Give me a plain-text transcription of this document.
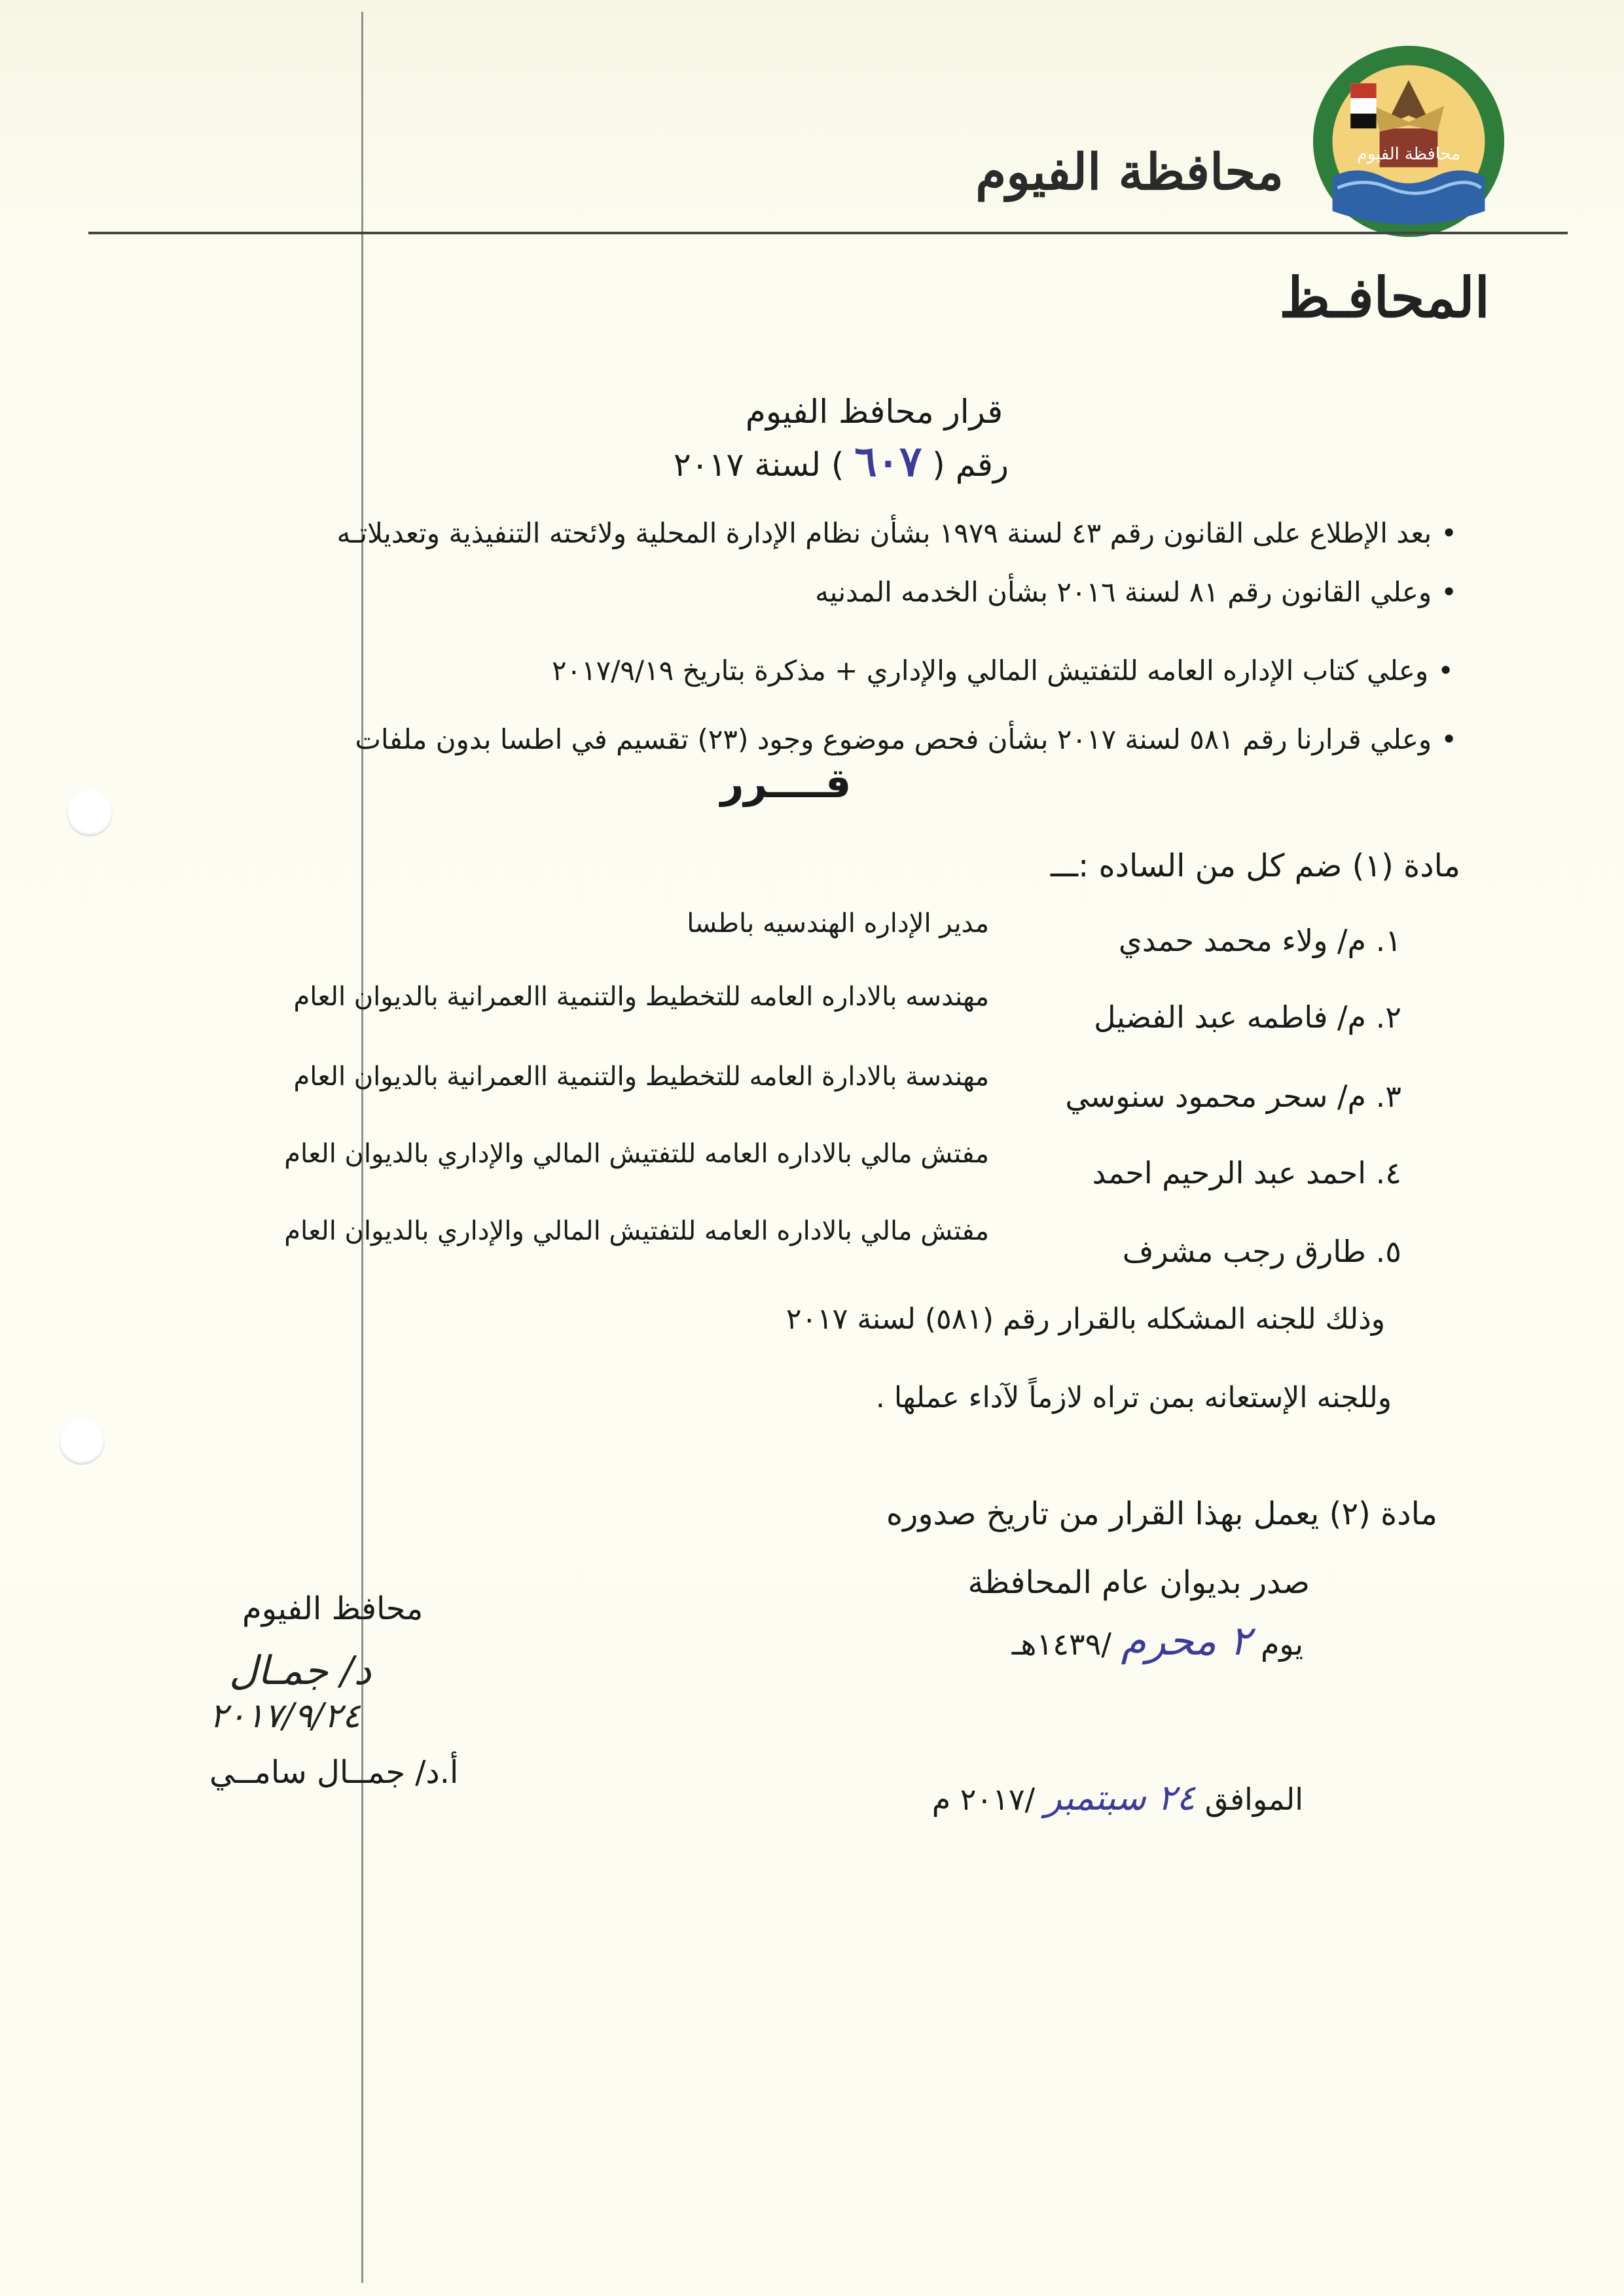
محافظة الفيوم
محافظة الفيوم
المحافـظ
قرار محافظ الفيوم
رقم ( ٦٠٧ ) لسنة ٢٠١٧
•بعد الإطلاع على القانون رقم ٤٣ لسنة ١٩٧٩ بشأن نظام الإدارة المحلية ولائحته التنفيذية وتعديلاتـه
•وعلي القانون رقم ٨١ لسنة ٢٠١٦ بشأن الخدمه المدنيه
•وعلي كتاب الإداره العامه للتفتيش المالي والإداري + مذكرة بتاريخ ٢٠١٧/٩/١٩
•وعلي قرارنا رقم ٥٨١ لسنة ٢٠١٧ بشأن فحص موضوع وجود (٢٣) تقسيم في اطسا بدون ملفات
قــــرر
مادة (١) ضم كل من الساده :ـــ
١. م/ ولاء محمد حمدي
مدير الإداره الهندسيه باطسا
٢. م/ فاطمه عبد الفضيل
مهندسه بالاداره العامه للتخطيط والتنمية االعمرانية بالديوان العام
٣. م/ سحر محمود سنوسي
مهندسة بالادارة العامه للتخطيط والتنمية االعمرانية بالديوان العام
٤. احمد عبد الرحيم احمد
مفتش مالي بالاداره العامه للتفتيش المالي والإداري بالديوان العام
٥. طارق رجب مشرف
مفتش مالي بالاداره العامه للتفتيش المالي والإداري بالديوان العام
وذلك للجنه المشكله بالقرار رقم (٥٨١) لسنة ٢٠١٧
وللجنه الإستعانه بمن تراه لازماً لآداء عملها .
مادة (٢) يعمل بهذا القرار من تاريخ صدوره
صدر بديوان عام المحافظة
يوم ٢ محرم /١٤٣٩هـ
الموافق ٢٤ سبتمبر /٢٠١٧ م
محافظ الفيوم
د/ جمـال
٢٠١٧/٩/٢٤
أ.د/ جمــال سامــي
